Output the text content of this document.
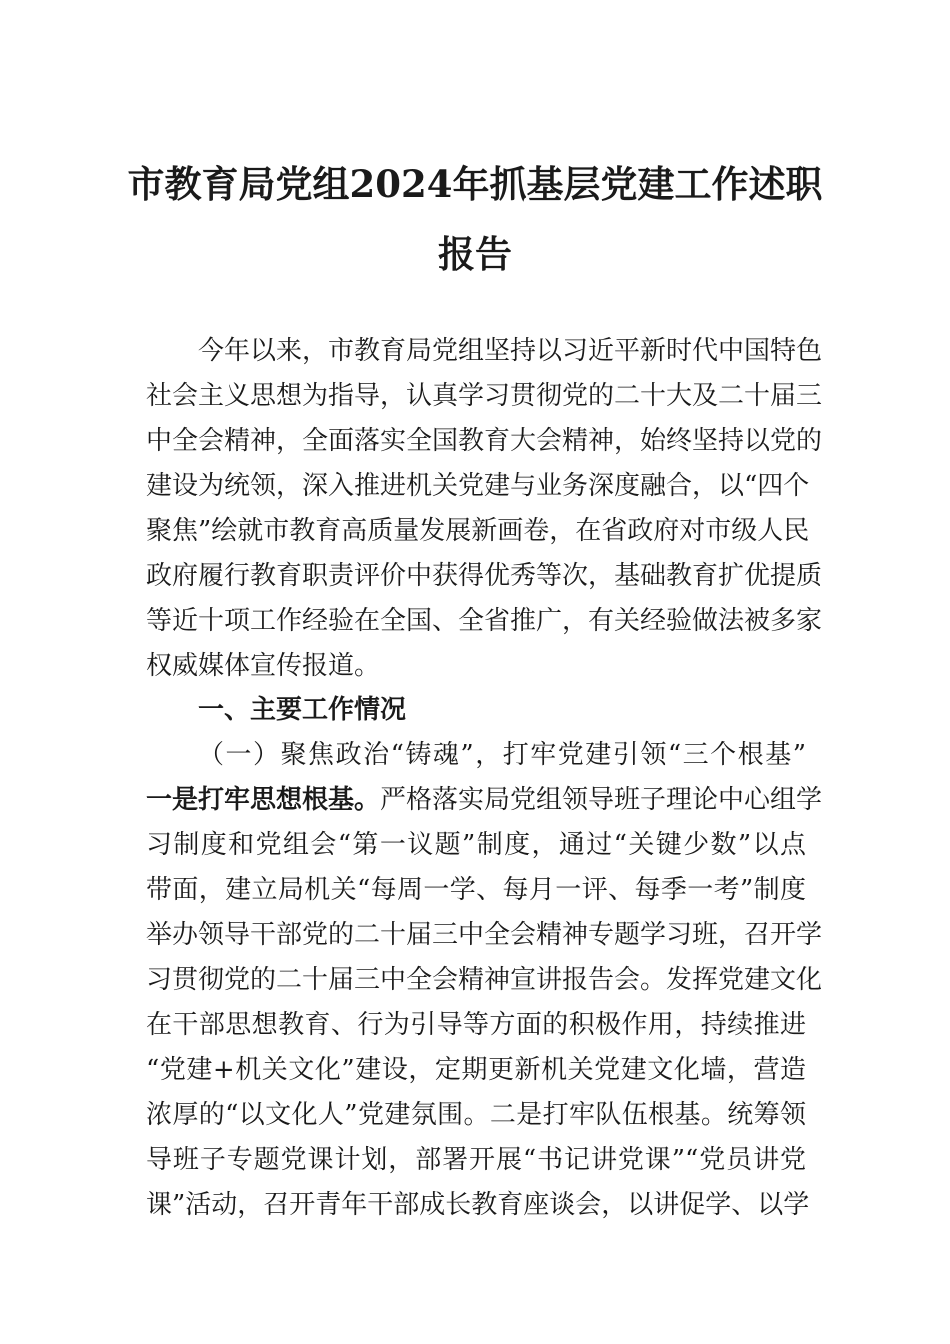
市教育局党组2024年抓基层党建工作述职
报告

今年以来，市教育局党组坚持以习近平新时代中国特色

社会主义思想为指导，认真学习贯彻党的二十大及二十届三

中全会精神，全面落实全国教育大会精神，始终坚持以党的

建设为统领，深入推进机关党建与业务深度融合，以“四个

聚焦”绘就市教育高质量发展新画卷，在省政府对市级人民

政府履行教育职责评价中获得优秀等次，基础教育扩优提质

等近十项工作经验在全国、全省推广，有关经验做法被多家

权威媒体宣传报道。

一、主要工作情况

（一）聚焦政治“铸魂”，打牢党建引领“三个根基”

一是打牢思想根基。严格落实局党组领导班子理论中心组学

习制度和党组会“第一议题”制度，通过“关键少数”以点

带面，建立局机关“每周一学、每月一评、每季一考”制度

举办领导干部党的二十届三中全会精神专题学习班，召开学

习贯彻党的二十届三中全会精神宣讲报告会。发挥党建文化

在干部思想教育、行为引导等方面的积极作用，持续推进

“党建+机关文化”建设，定期更新机关党建文化墙，营造

浓厚的“以文化人”党建氛围。二是打牢队伍根基。统筹领

导班子专题党课计划，部署开展“书记讲党课”“党员讲党

课”活动，召开青年干部成长教育座谈会，以讲促学、以学
